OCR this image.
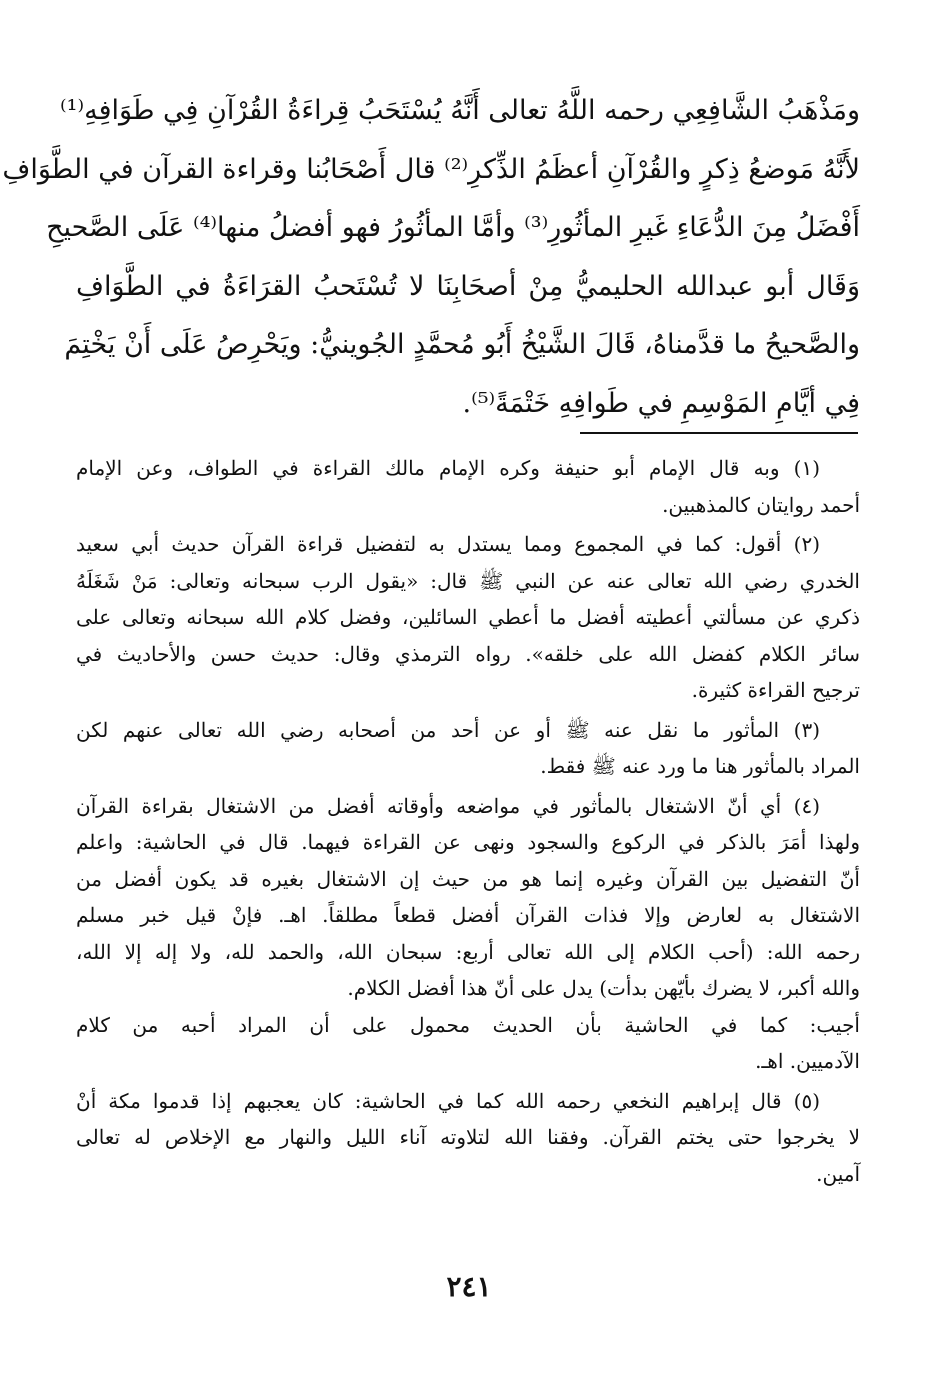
ومَذْهَبُ الشَّافِعِي رحمه اللَّهُ تعالى أَنَّهُ يُسْتَحَبُ قِراءَةُ القُرْآنِ فِي طَوَافِهِ⁽¹⁾
لأَنَّهُ مَوضعُ ذِكرٍ والقُرْآنِ أعظَمُ الذِّكرِ⁽²⁾ قال أَصْحَابُنا وقراءة القرآن في الطَّوَافِ
أَفْضَلُ مِنَ الدُّعَاءِ غَيرِ المأثُورِ⁽³⁾ وأمَّا المأثُورُ فهو أفضلُ منها⁽⁴⁾ عَلَى الصَّحيحِ
وَقَال أبو عبدالله الحليميُّ مِنْ أصحَابِنَا لا تُسْتَحبُ القرَاءَةُ في الطَّوَافِ
والصَّحيحُ ما قدَّمناهُ، قَالَ الشَّيْخُ أَبُو مُحمَّدٍ الجُوينيُّ: ويَحْرِصُ عَلَى أَنْ يَخْتِمَ
فِي أيَّامِ المَوْسِمِ في طَوافِهِ خَتْمَةً⁽⁵⁾.
(١) وبه قال الإمام أبو حنيفة وكره الإمام مالك القراءة في الطواف، وعن الإمام
أحمد روايتان كالمذهبين.
(٢) أقول: كما في المجموع ومما يستدل به لتفضيل قراءة القرآن حديث أبي سعيد
الخدري رضي الله تعالى عنه عن النبي ﷺ قال: «يقول الرب سبحانه وتعالى: مَنْ شَغَلَهُ
ذكري عن مسألتي أعطيته أفضل ما أعطي السائلين، وفضل كلام الله سبحانه وتعالى على
سائر الكلام كفضل الله على خلقه». رواه الترمذي وقال: حديث حسن والأحاديث في
ترجيح القراءة كثيرة.
(٣) المأثور ما نقل عنه ﷺ أو عن أحد من أصحابه رضي الله تعالى عنهم لكن
المراد بالمأثور هنا ما ورد عنه ﷺ فقط.
(٤) أي أنّ الاشتغال بالمأثور في مواضعه وأوقاته أفضل من الاشتغال بقراءة القرآن
ولهذا أمَرَ بالذكر في الركوع والسجود ونهى عن القراءة فيهما. قال في الحاشية: واعلم
أنّ التفضيل بين القرآن وغيره إنما هو من حيث إن الاشتغال بغيره قد يكون أفضل من
الاشتغال به لعارض وإلا فذات القرآن أفضل قطعاً مطلقاً. اهـ. فإنْ قيل خبر مسلم
رحمه الله: (أحب الكلام إلى الله تعالى أربع: سبحان الله، والحمد لله، ولا إله إلا الله،
والله أكبر، لا يضرك بأيّهن بدأت) يدل على أنّ هذا أفضل الكلام.
أجيب: كما في الحاشية بأن الحديث محمول على أن المراد أحبه من كلام
الآدميين. اهـ.
(٥) قال إبراهيم النخعي رحمه الله كما في الحاشية: كان يعجبهم إذا قدموا مكة أنْ
لا يخرجوا حتى يختم القرآن. وفقنا الله لتلاوته آناء الليل والنهار مع الإخلاص له تعالى
آمين.
٢٤١
